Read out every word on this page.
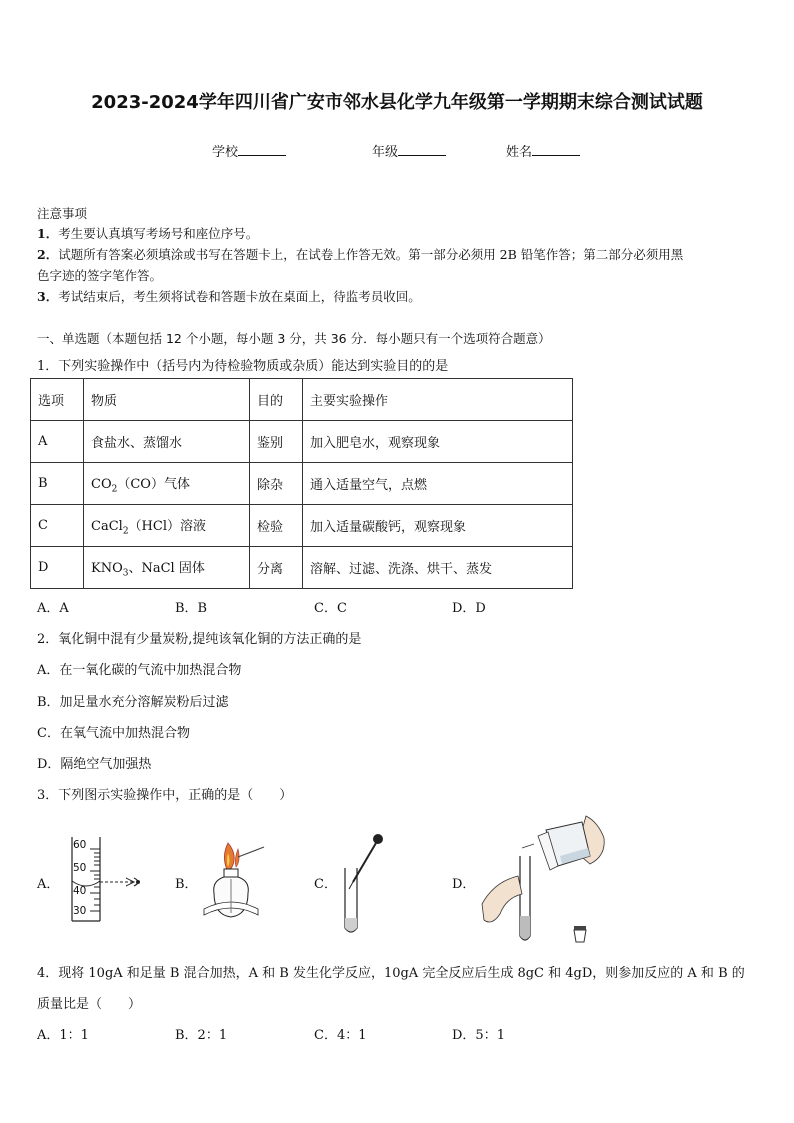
2023-2024学年四川省广安市邻水县化学九年级第一学期期末综合测试试题
学校	年级	姓名
注意事项
1．考生要认真填写考场号和座位序号。
2．试题所有答案必须填涂或书写在答题卡上，在试卷上作答无效。第一部分必须用 2B 铅笔作答；第二部分必须用黑
色字迹的签字笔作答。
3．考试结束后，考生须将试卷和答题卡放在桌面上，待监考员收回。
一、单选题（本题包括 12 个小题，每小题 3 分，共 36 分．每小题只有一个选项符合题意）
1．下列实验操作中（括号内为待检验物质或杂质）能达到实验目的的是
选项	物质	目的	主要实验操作
A	食盐水、蒸馏水	鉴别	加入肥皂水，观察现象
B	$CO_2(CO)$气体	除杂	通入适量空气，点燃
C	CaCl$_2$（HCl）溶液	检验	加入适量碳酸钙，观察现象
D	$KNO_3$、NaCl 固体	分离	溶解、过滤、洗涤、烘干、蒸发
A．A	B．B	C．C	D．D
2．氧化铜中混有少量炭粉,提纯该氧化铜的方法正确的是
A．在一氧化碳的气流中加热混合物
B．加足量水充分溶解炭粉后过滤
C．在氧气流中加热混合物
D．隔绝空气加强热
3．下列图示实验操作中，正确的是（　　）
A．
60
50
40
30
B．	C．	D．
4．现将 10gA 和足量 B 混合加热，A 和 B 发生化学反应，10gA 完全反应后生成 8gC 和 4gD，则参加反应的 A 和 B 的
质量比是（　　）
A．1：1	B．2：1	C．4：1	D．5：1
